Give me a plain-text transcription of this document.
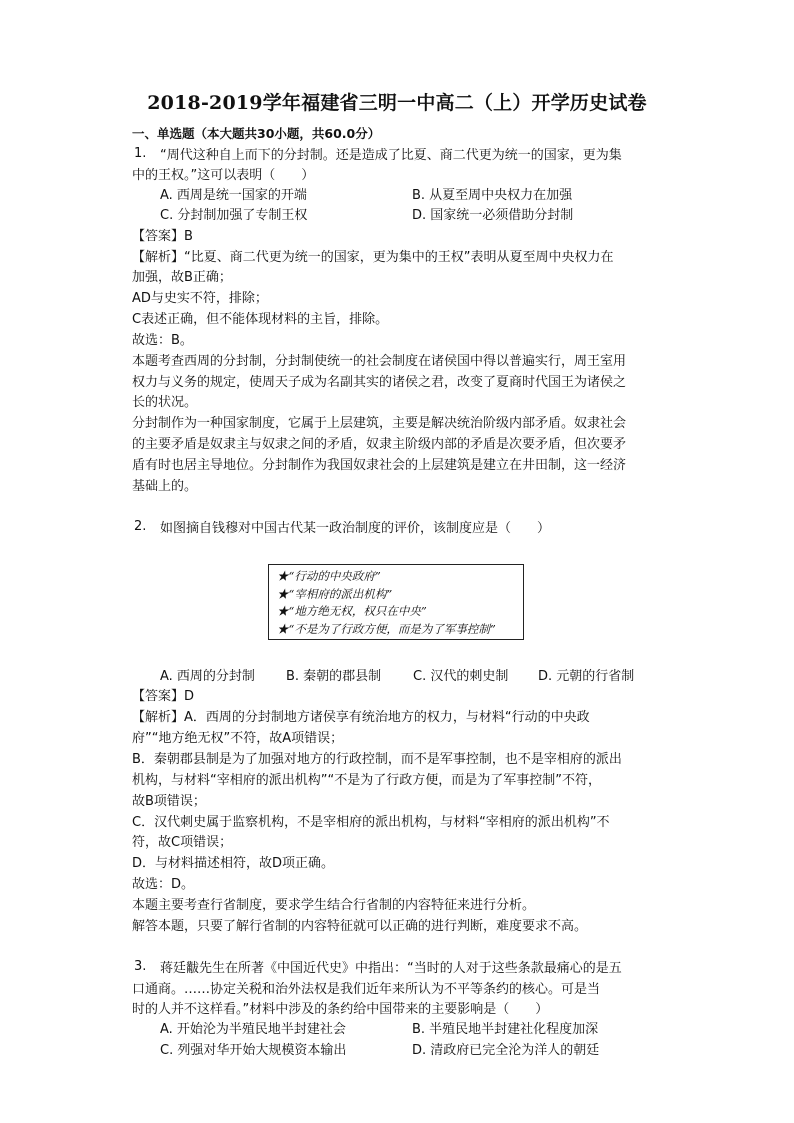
2018-2019学年福建省三明一中高二（上）开学历史试卷
一、单选题（本大题共30小题，共60.0分）
1. “周代这种自上而下的分封制。还是造成了比夏、商二代更为统一的国家，更为集
中的王权。”这可以表明（　　）
A. 西周是统一国家的开端	B. 从夏至周中央权力在加强
C. 分封制加强了专制王权	D. 国家统一必须借助分封制
【答案】B
【解析】“比夏、商二代更为统一的国家，更为集中的王权”表明从夏至周中央权力在
加强，故B正确；
AD与史实不符，排除；
C表述正确，但不能体现材料的主旨，排除。
故选：B。
本题考查西周的分封制，分封制使统一的社会制度在诸侯国中得以普遍实行，周王室用
权力与义务的规定，使周天子成为名副其实的诸侯之君，改变了夏商时代国王为诸侯之
长的状况。
分封制作为一种国家制度，它属于上层建筑，主要是解决统治阶级内部矛盾。奴隶社会
的主要矛盾是奴隶主与奴隶之间的矛盾，奴隶主阶级内部的矛盾是次要矛盾，但次要矛
盾有时也居主导地位。分封制作为我国奴隶社会的上层建筑是建立在井田制，这一经济
基础上的。
2. 如图摘自钱穆对中国古代某一政治制度的评价，该制度应是（　　）
★“行动的中央政府”
★“宰相府的派出机构”
★“地方绝无权，权只在中央”
★“不是为了行政方便，而是为了军事控制”
A. 西周的分封制 B. 秦朝的郡县制 C. 汉代的刺史制 D. 元朝的行省制
【答案】D
【解析】A．西周的分封制地方诸侯享有统治地方的权力，与材料“行动的中央政
府”“地方绝无权”不符，故A项错误；
B．秦朝郡县制是为了加强对地方的行政控制，而不是军事控制，也不是宰相府的派出
机构，与材料“宰相府的派出机构”“不是为了行政方便，而是为了军事控制”不符，
故B项错误；
C．汉代刺史属于监察机构，不是宰相府的派出机构，与材料“宰相府的派出机构”不
符，故C项错误；
D．与材料描述相符，故D项正确。
故选：D。
本题主要考查行省制度，要求学生结合行省制的内容特征来进行分析。
解答本题，只要了解行省制的内容特征就可以正确的进行判断，难度要求不高。
3. 蒋廷黻先生在所著《中国近代史》中指出：“当时的人对于这些条款最痛心的是五
口通商。……协定关税和治外法权是我们近年来所认为不平等条约的核心。可是当
时的人并不这样看。”材料中涉及的条约给中国带来的主要影响是（　　）
A. 开始沦为半殖民地半封建社会	B. 半殖民地半封建社化程度加深
C. 列强对华开始大规模资本输出	D. 清政府已完全沦为洋人的朝廷
